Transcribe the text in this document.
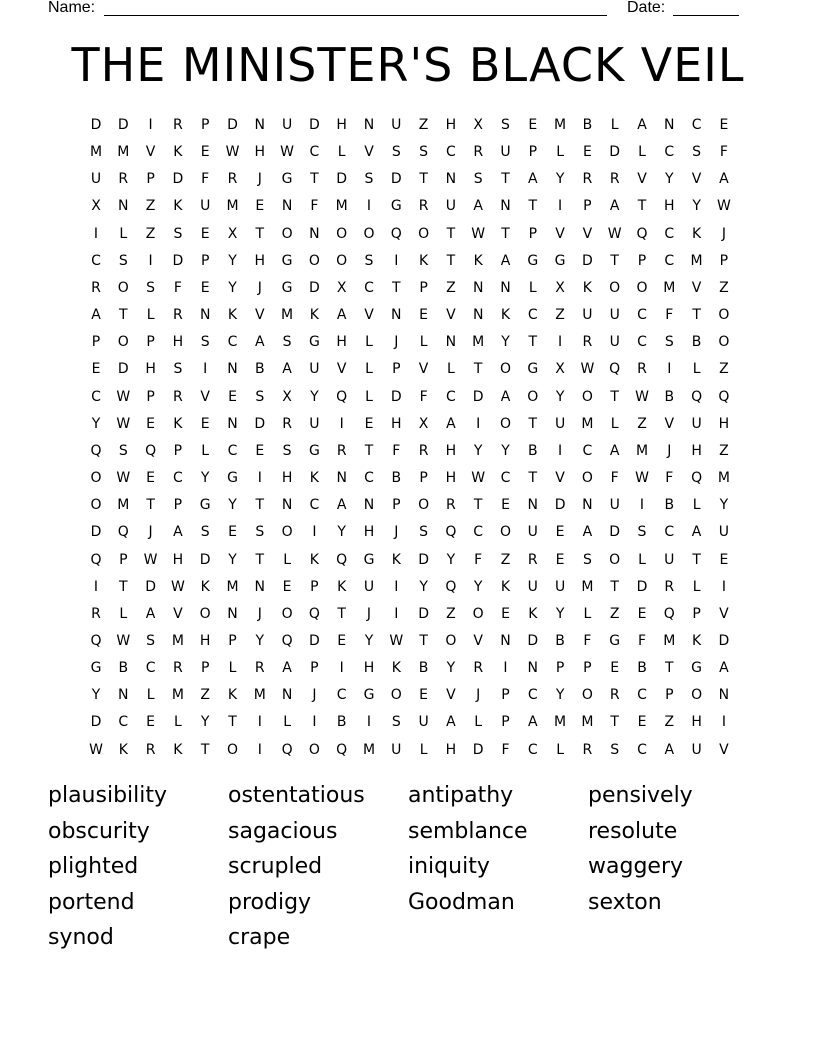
Name:	Date:
THE MINISTER'S BLACK VEIL
D	D	I	R	P	D	N	U	D	H	N	U	Z	H	X	S	E	M	B	L	A	N	C	E
M	M	V	K	E	W	H	W	C	L	V	S	S	C	R	U	P	L	E	D	L	C	S	F
U	R	P	D	F	R	J	G	T	D	S	D	T	N	S	T	A	Y	R	R	V	Y	V	A
X	N	Z	K	U	M	E	N	F	M	I	G	R	U	A	N	T	I	P	A	T	H	Y	W
I	L	Z	S	E	X	T	O	N	O	O	Q	O	T	W	T	P	V	V	W	Q	C	K	J
C	S	I	D	P	Y	H	G	O	O	S	I	K	T	K	A	G	G	D	T	P	C	M	P
R	O	S	F	E	Y	J	G	D	X	C	T	P	Z	N	N	L	X	K	O	O	M	V	Z
A	T	L	R	N	K	V	M	K	A	V	N	E	V	N	K	C	Z	U	U	C	F	T	O
P	O	P	H	S	C	A	S	G	H	L	J	L	N	M	Y	T	I	R	U	C	S	B	O
E	D	H	S	I	N	B	A	U	V	L	P	V	L	T	O	G	X	W	Q	R	I	L	Z
C	W	P	R	V	E	S	X	Y	Q	L	D	F	C	D	A	O	Y	O	T	W	B	Q	Q
Y	W	E	K	E	N	D	R	U	I	E	H	X	A	I	O	T	U	M	L	Z	V	U	H
Q	S	Q	P	L	C	E	S	G	R	T	F	R	H	Y	Y	B	I	C	A	M	J	H	Z
O	W	E	C	Y	G	I	H	K	N	C	B	P	H	W	C	T	V	O	F	W	F	Q	M
O	M	T	P	G	Y	T	N	C	A	N	P	O	R	T	E	N	D	N	U	I	B	L	Y
D	Q	J	A	S	E	S	O	I	Y	H	J	S	Q	C	O	U	E	A	D	S	C	A	U
Q	P	W	H	D	Y	T	L	K	Q	G	K	D	Y	F	Z	R	E	S	O	L	U	T	E
I	T	D	W	K	M	N	E	P	K	U	I	Y	Q	Y	K	U	U	M	T	D	R	L	I
R	L	A	V	O	N	J	O	Q	T	J	I	D	Z	O	E	K	Y	L	Z	E	Q	P	V
Q	W	S	M	H	P	Y	Q	D	E	Y	W	T	O	V	N	D	B	F	G	F	M	K	D
G	B	C	R	P	L	R	A	P	I	H	K	B	Y	R	I	N	P	P	E	B	T	G	A
Y	N	L	M	Z	K	M	N	J	C	G	O	E	V	J	P	C	Y	O	R	C	P	O	N
D	C	E	L	Y	T	I	L	I	B	I	S	U	A	L	P	A	M	M	T	E	Z	H	I
W	K	R	K	T	O	I	Q	O	Q	M	U	L	H	D	F	C	L	R	S	C	A	U	V
plausibility	ostentatious	antipathy	pensively
obscurity	sagacious	semblance	resolute
plighted	scrupled	iniquity	waggery
portend	prodigy	Goodman	sexton
synod	crape
